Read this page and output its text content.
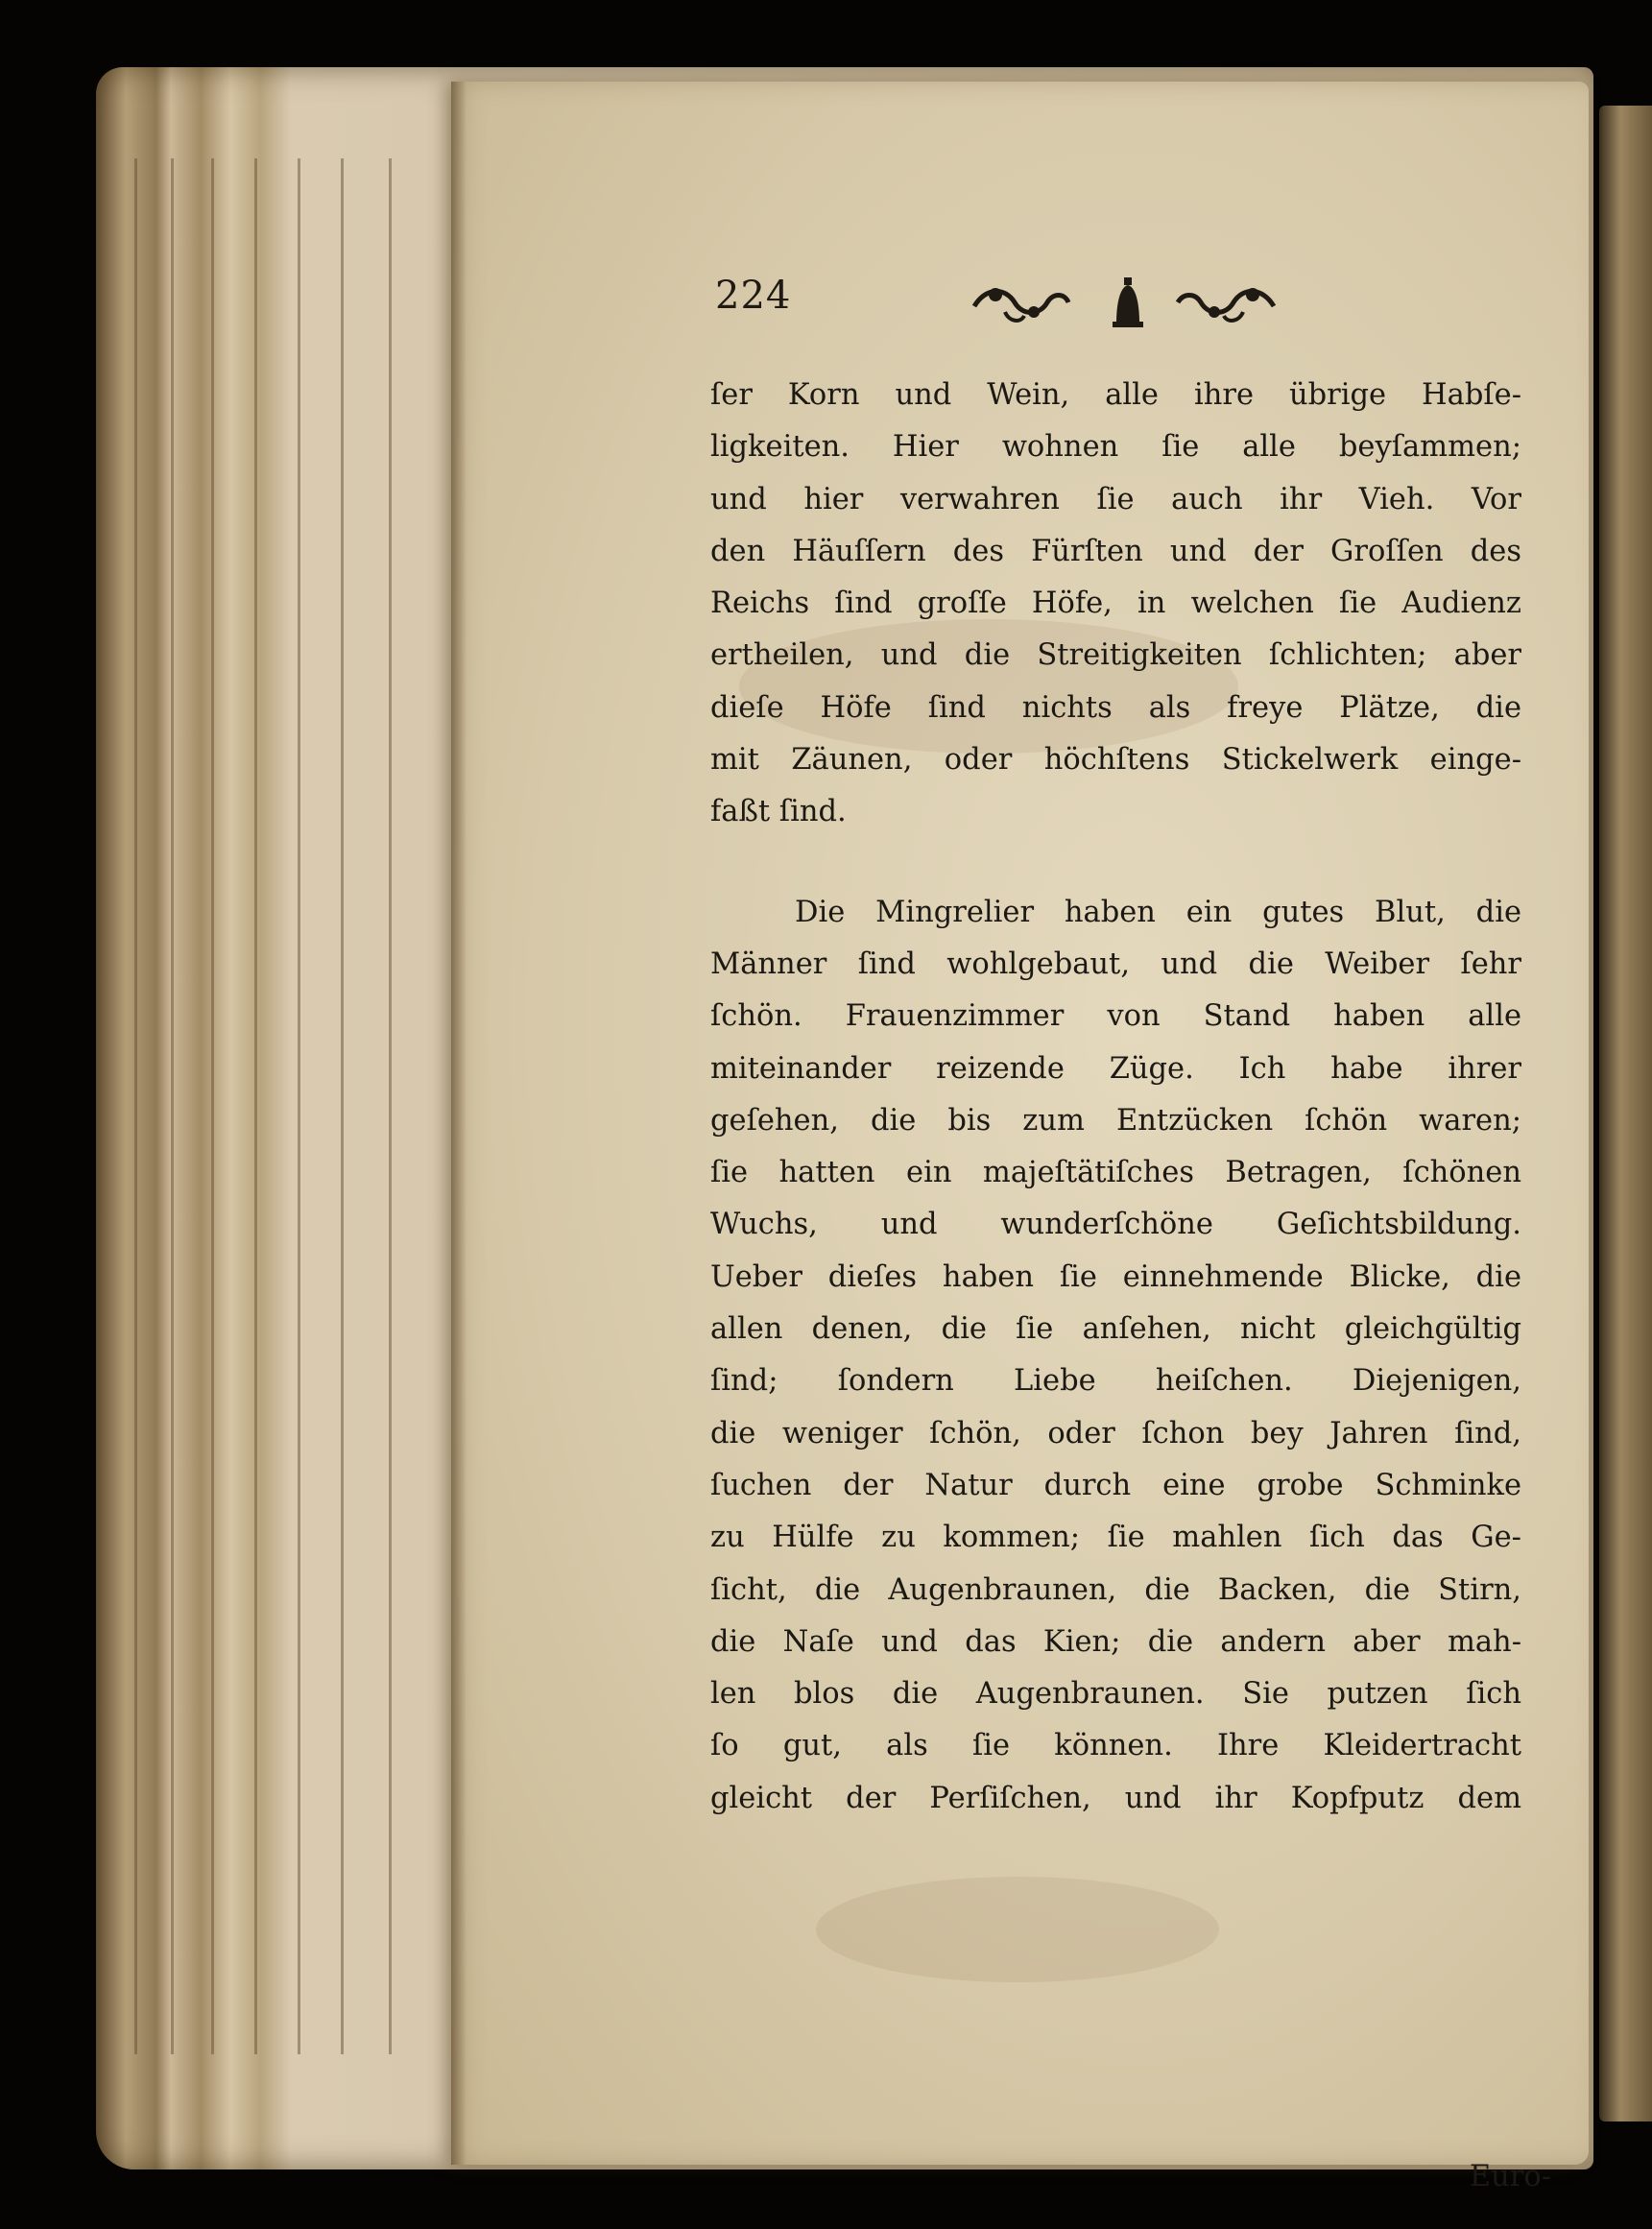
224
ſer Korn und Wein, alle ihre übrige Habſe-
ligkeiten. Hier wohnen ſie alle beyſammen;
und hier verwahren ſie auch ihr Vieh. Vor
den Häuſſern des Fürſten und der Groſſen des
Reichs ſind groſſe Höfe, in welchen ſie Audienz
ertheilen, und die Streitigkeiten ſchlichten; aber
dieſe Höfe ſind nichts als freye Plätze, die
mit Zäunen, oder höchſtens Stickelwerk einge-
faßt ſind.
Die Mingrelier haben ein gutes Blut, die
Männer ſind wohlgebaut, und die Weiber ſehr
ſchön. Frauenzimmer von Stand haben alle
miteinander reizende Züge. Ich habe ihrer
geſehen, die bis zum Entzücken ſchön waren;
ſie hatten ein majeſtätiſches Betragen, ſchönen
Wuchs, und wunderſchöne Geſichtsbildung.
Ueber dieſes haben ſie einnehmende Blicke, die
allen denen, die ſie anſehen, nicht gleichgültig
ſind; ſondern Liebe heiſchen. Diejenigen,
die weniger ſchön, oder ſchon bey Jahren ſind,
ſuchen der Natur durch eine grobe Schminke
zu Hülfe zu kommen; ſie mahlen ſich das Ge-
ſicht, die Augenbraunen, die Backen, die Stirn,
die Naſe und das Kien; die andern aber mah-
len blos die Augenbraunen. Sie putzen ſich
ſo gut, als ſie können. Ihre Kleidertracht
gleicht der Perſiſchen, und ihr Kopfputz dem
Euro-
